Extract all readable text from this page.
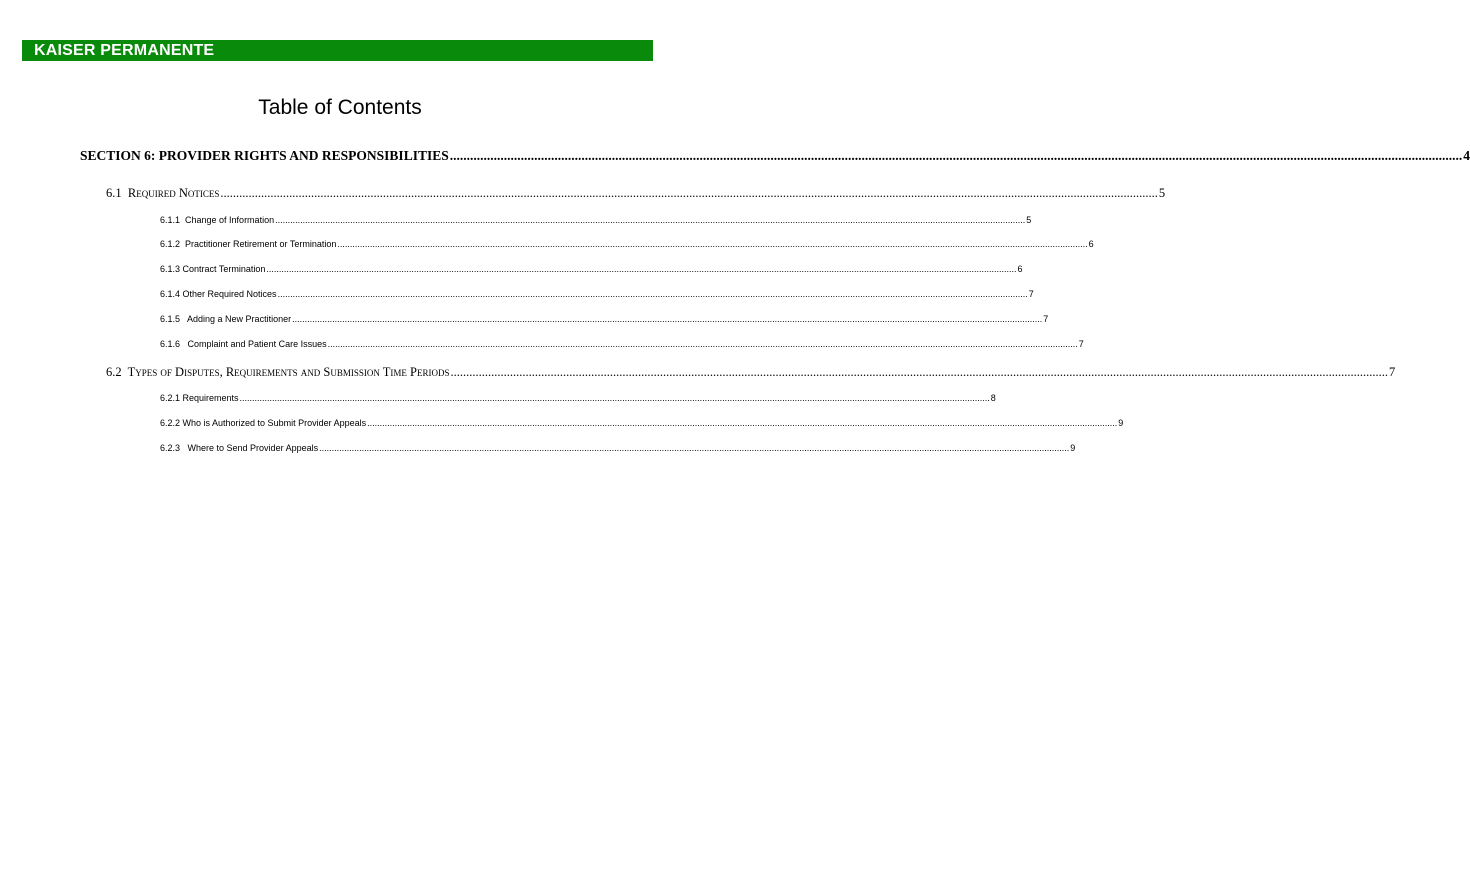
KAISER PERMANENTE
Table of Contents
SECTION 6: PROVIDER RIGHTS AND RESPONSIBILITIES ............................................................................................................................................................................................................................................................................................................ 4
6.1  Required Notices ............................................................................................................................................................................................................................................................................................................ 5
6.1.1  Change of Information ............................................................................................................................................................................................................................................................................................................ 5
6.1.2  Practitioner Retirement or Termination ............................................................................................................................................................................................................................................................................................................ 6
6.1.3 Contract Termination ............................................................................................................................................................................................................................................................................................................ 6
6.1.4 Other Required Notices ............................................................................................................................................................................................................................................................................................................ 7
6.1.5   Adding a New Practitioner ............................................................................................................................................................................................................................................................................................................ 7
6.1.6   Complaint and Patient Care Issues ............................................................................................................................................................................................................................................................................................................ 7
6.2  Types of Disputes, Requirements and Submission Time Periods ............................................................................................................................................................................................................................................................................................................ 7
6.2.1 Requirements ............................................................................................................................................................................................................................................................................................................ 8
6.2.2 Who is Authorized to Submit Provider Appeals ............................................................................................................................................................................................................................................................................................................ 9
6.2.3   Where to Send Provider Appeals ............................................................................................................................................................................................................................................................................................................ 9
